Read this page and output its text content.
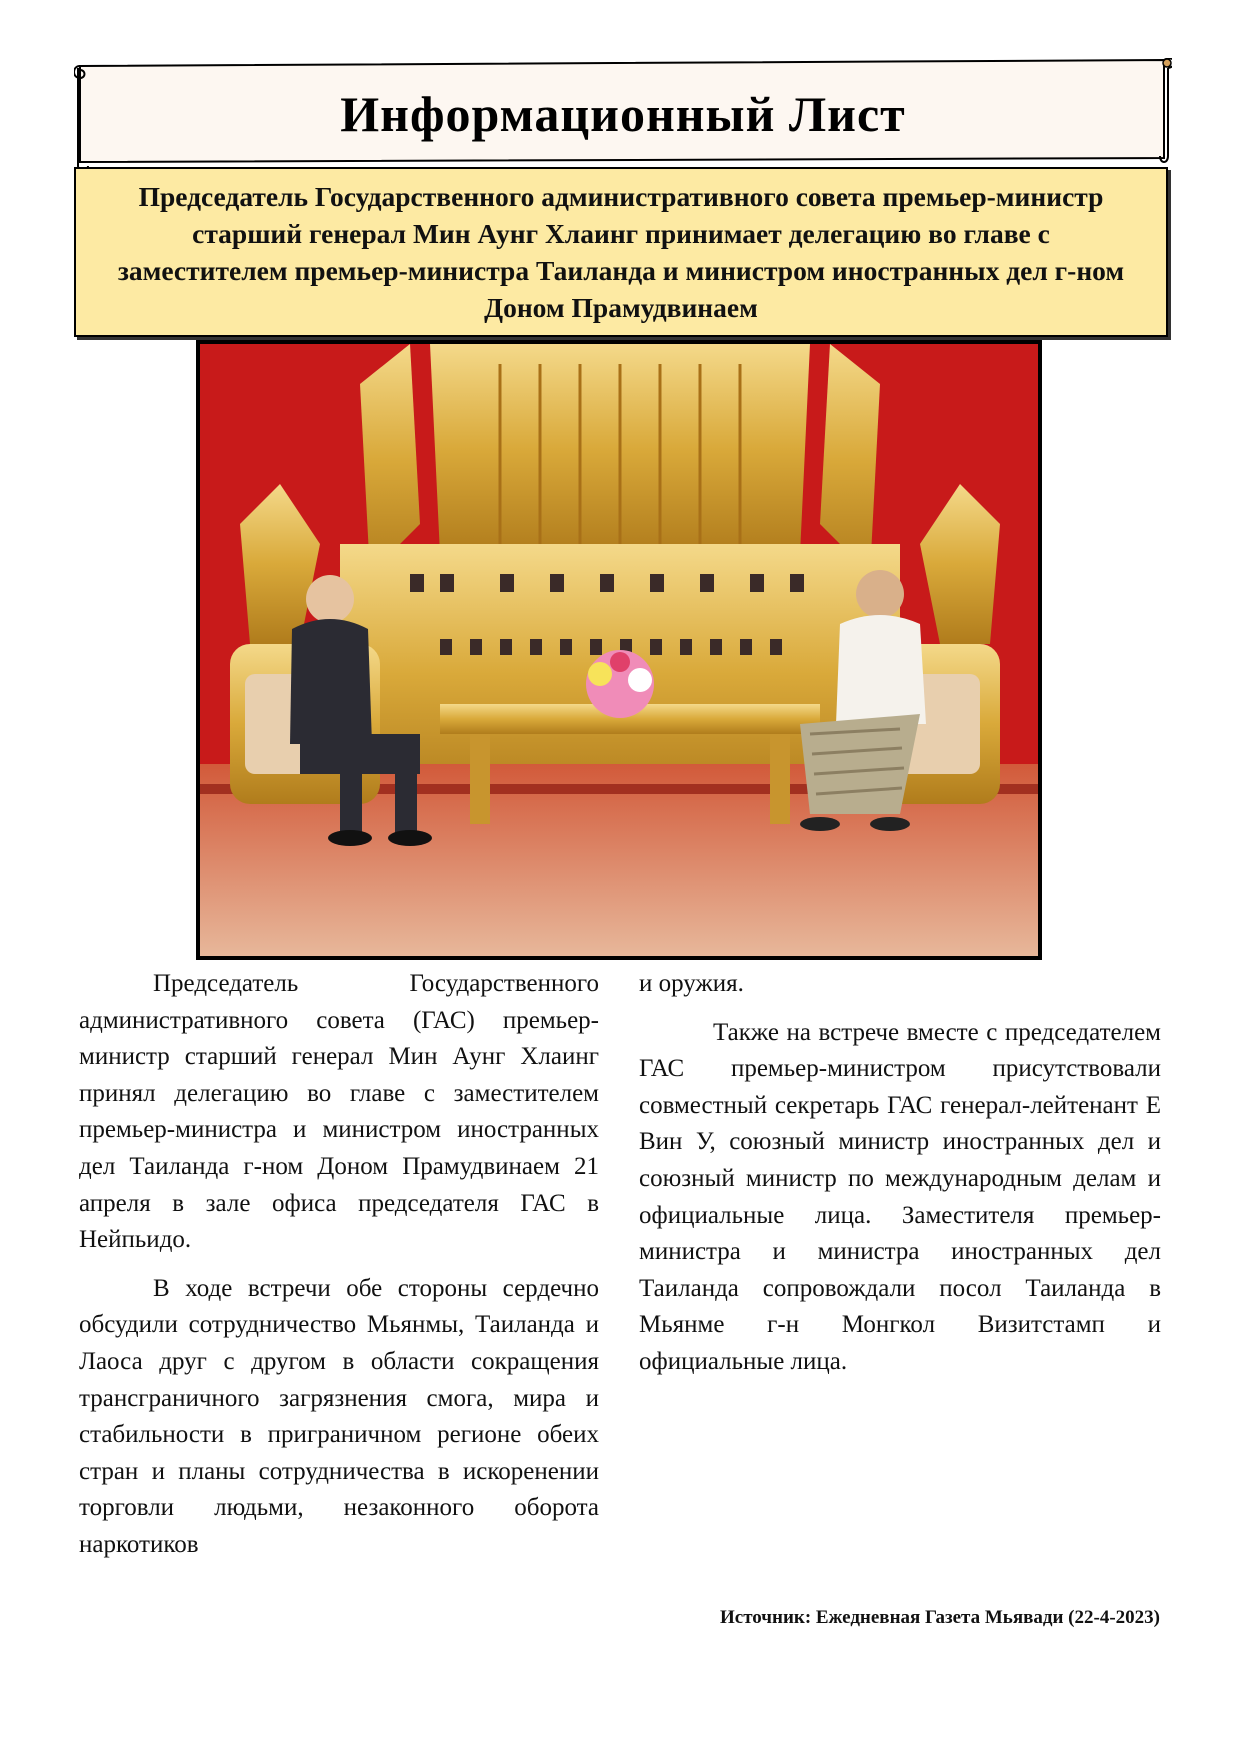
Информационный Лист
Председатель Государственного административного совета премьер-министр старший генерал Мин Аунг Хлаинг принимает делегацию во главе с заместителем премьер-министра Таиланда и министром иностранных дел г-ном Доном Прамудвинаем

Председатель Государственного административного совета (ГАС) премьер-министр старший генерал Мин Аунг Хлаинг принял делегацию во главе с заместителем премьер-министра и министром иностранных дел Таиланда г-ном Доном Прамудвинаем 21 апреля в зале офиса председателя ГАС в Нейпьидо.

В ходе встречи обе стороны сердечно обсудили сотрудничество Мьянмы, Таиланда и Лаоса друг с другом в области сокращения трансграничного загрязнения смога, мира и стабильности в приграничном регионе обеих стран и планы сотрудничества в искоренении торговли людьми, незаконного оборота наркотиков

и оружия.

Также на встрече вместе с председателем ГАС премьер-министром присутствовали совместный секретарь ГАС генерал-лейтенант Е Вин У, союзный министр иностранных дел и союзный министр по международным делам и официальные лица. Заместителя премьер-министра и министра иностранных дел Таиланда сопровождали посол Таиланда в Мьянме г-н Монгкол Визитстамп и официальные лица.

Источник: Ежедневная Газета Мьявади (22-4-2023)
